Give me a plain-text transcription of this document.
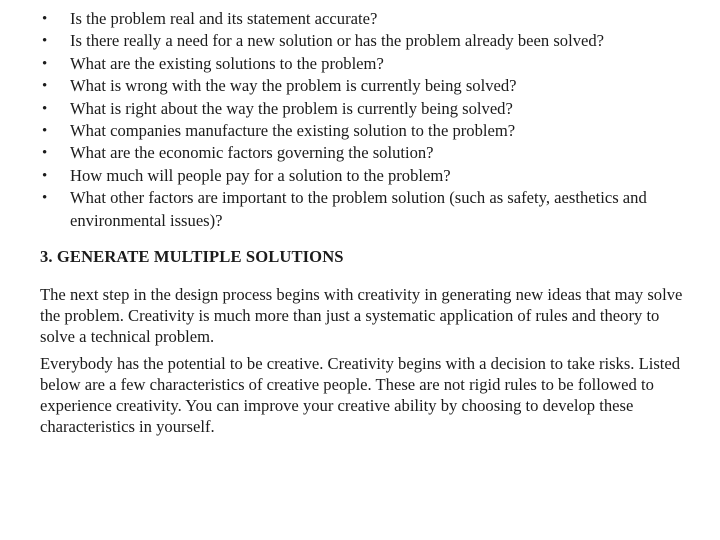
• Is the problem real and its statement accurate?
• Is there really a need for a new solution or has the problem already been solved?
• What are the existing solutions to the problem?
• What is wrong with the way the problem is currently being solved?
• What is right about the way the problem is currently being solved?
• What companies manufacture the existing solution to the problem?
• What are the economic factors governing the solution?
• How much will people pay for a solution to the problem?
• What other factors are important to the problem solution (such as safety, aesthetics and environmental issues)?
3. GENERATE MULTIPLE SOLUTIONS

The next step in the design process begins with creativity in generating new ideas that may solve the problem. Creativity is much more than just a systematic application of rules and theory to solve a technical problem.

Everybody has the potential to be creative. Creativity begins with a decision to take risks. Listed below are a few characteristics of creative people. These are not rigid rules to be followed to experience creativity. You can improve your creative ability by choosing to develop these characteristics in yourself.
